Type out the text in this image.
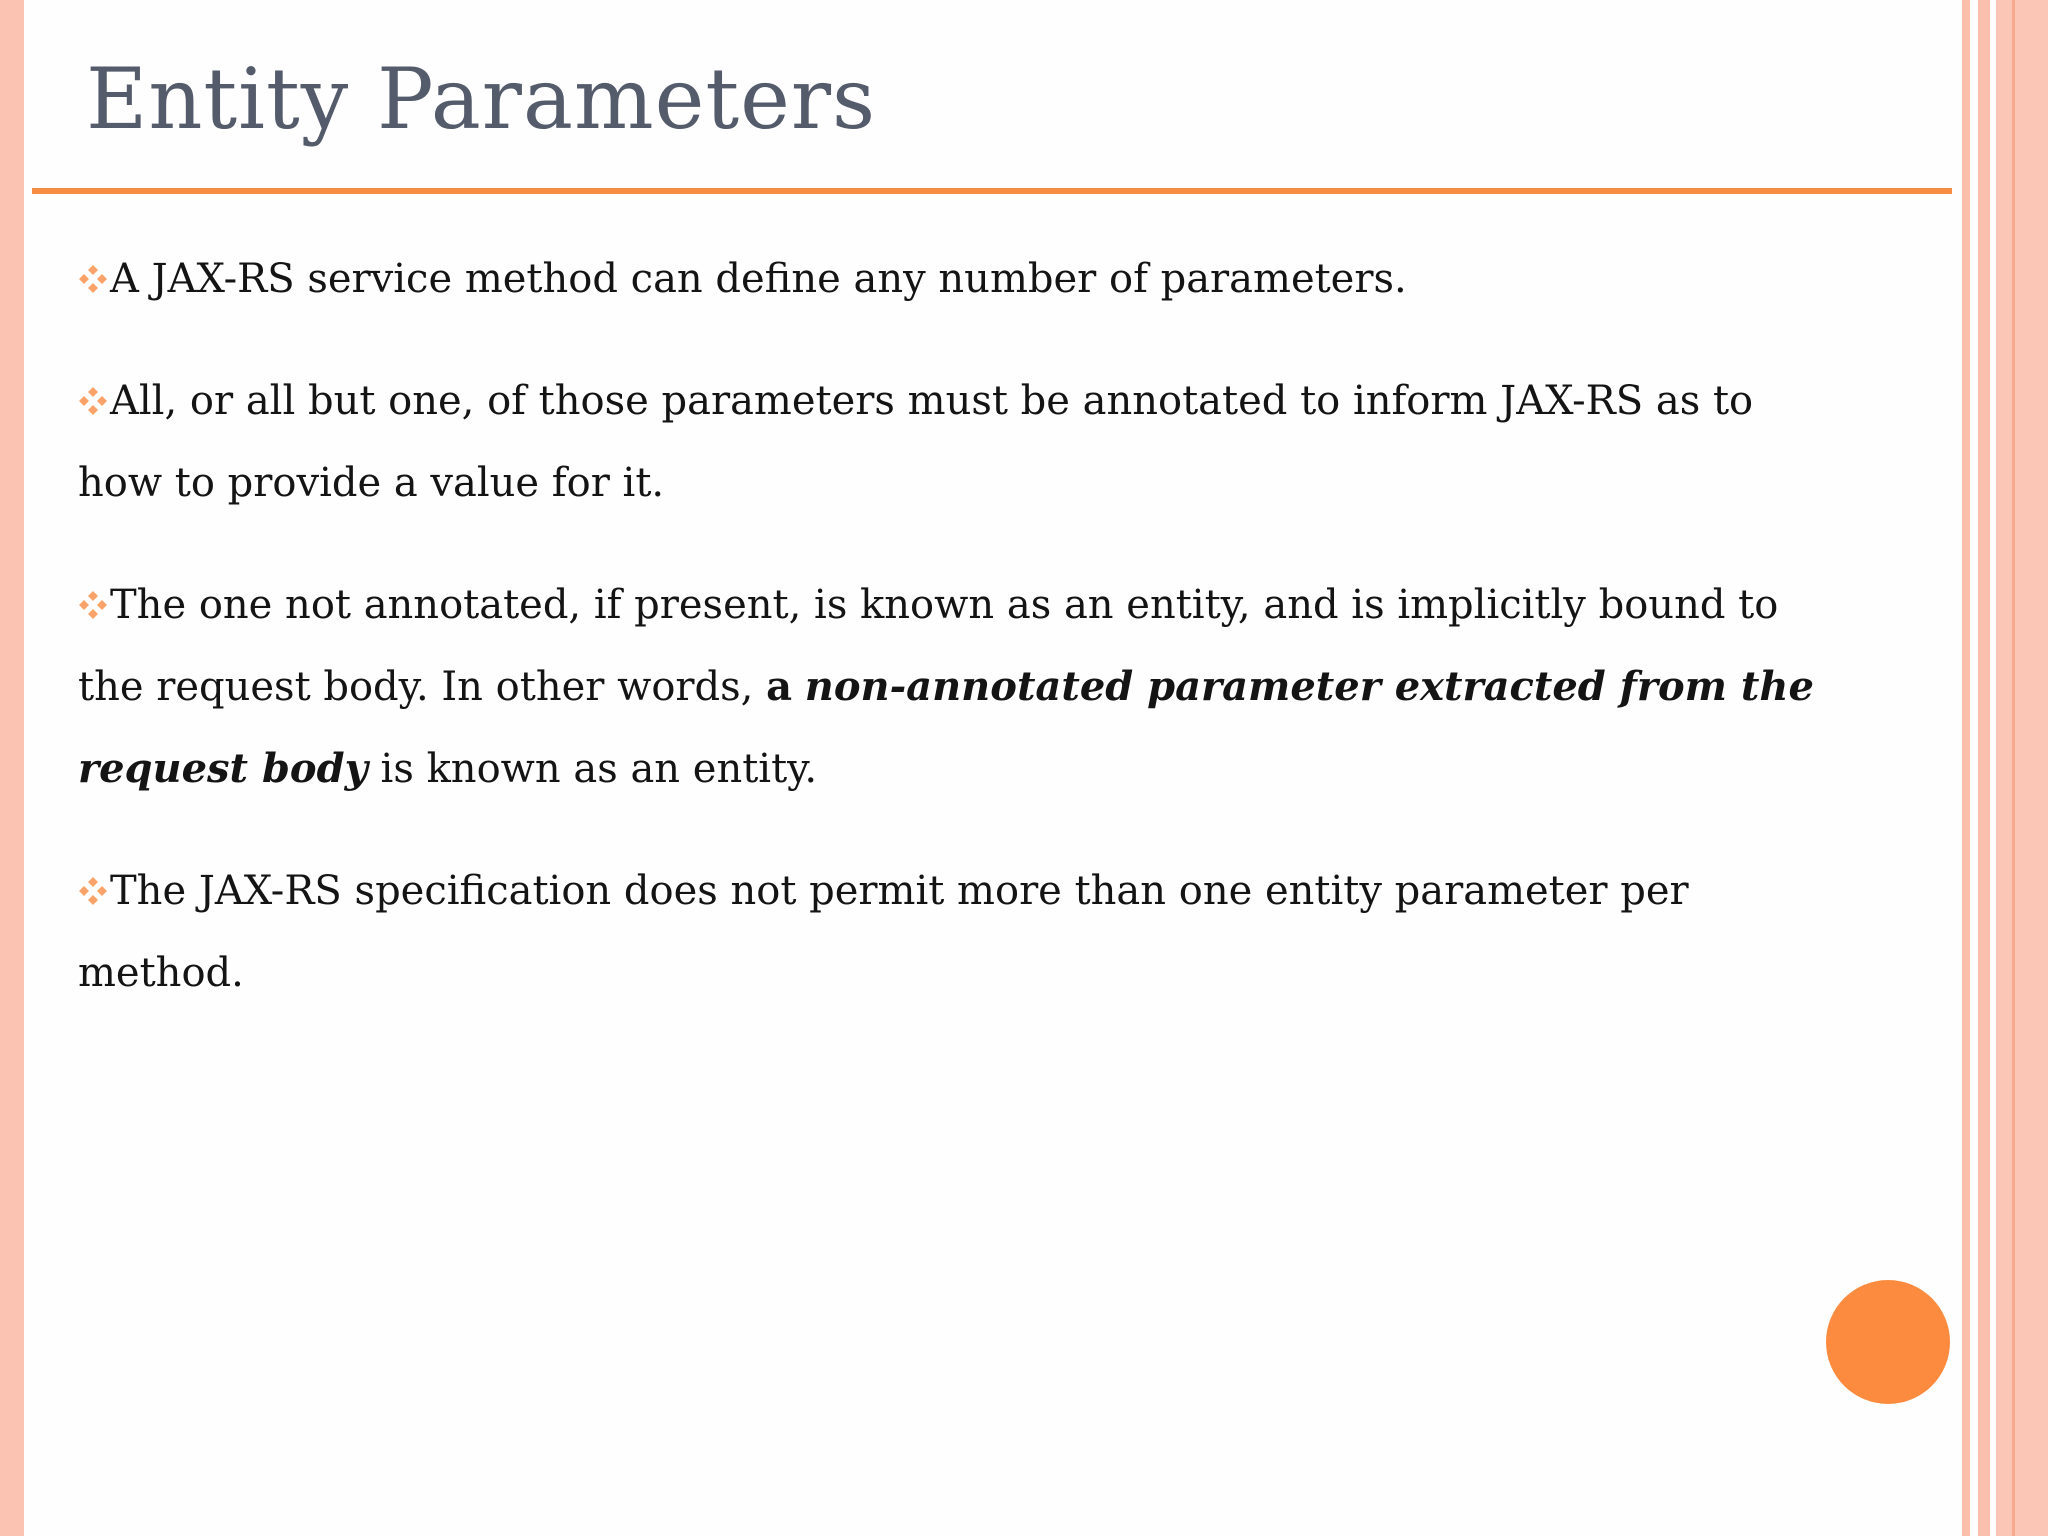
Entity Parameters

A JAX-RS service method can define any number of parameters.

All, or all but one, of those parameters must be annotated to inform JAX-RS as to how to provide a value for it.

The one not annotated, if present, is known as an entity, and is implicitly bound to the request body. In other words, a non-annotated parameter extracted from the request body is known as an entity.

The JAX-RS specification does not permit more than one entity parameter per method.
